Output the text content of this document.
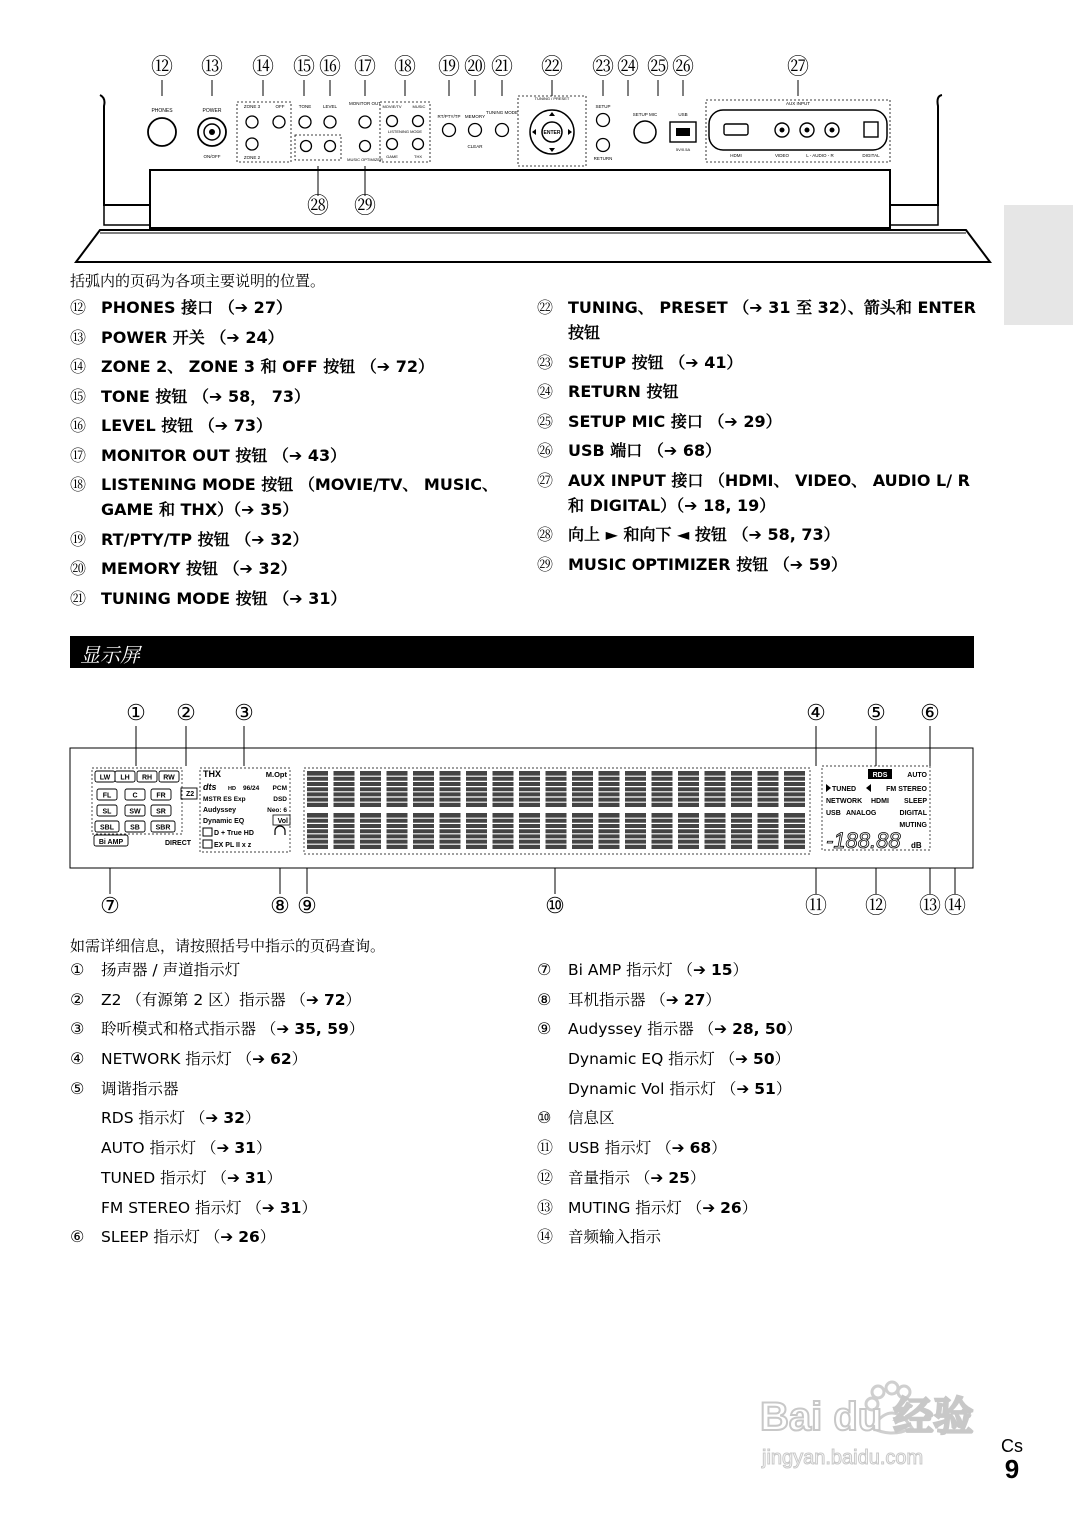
⑫ ⑬ ⑭ ⑮ ⑯ ⑰ ⑱ ⑲ ⑳ ㉑ ㉒ ㉓ ㉔ ㉕ ㉖	㉗
PHONES	POWER
ON/OFF
ZONE 3	OFF
ZONE 2
TONE	LEVEL
MONITOR OUT
MUSIC OPTIMIZER
MOVIE/TV	MUSIC
LISTENING MODE
GAME	THX
RT/PTY/TP MEMORY
TUNING MODE
CLEAR
TUNING / PRESET
ENTER
SETUP
RETURN
SETUP MIC	USB
5V/0.5A
AUX INPUT
HDMI	VIDEO	L - AUDIO - R	DIGITAL
㉘ ㉙
括弧内的页码为各项主要说明的位置。
⑫ PHONES 接口 （➔ 27）
⑬ POWER 开关 （➔ 24）
⑭ ZONE 2、 ZONE 3 和 OFF 按钮 （➔ 72）
⑮ TONE 按钮 （➔ 58， 73）
⑯ LEVEL 按钮 （➔ 73）
⑰ MONITOR OUT 按钮 （➔ 43）
⑱ LISTENING MODE 按钮 （MOVIE/TV、 MUSIC、 GAME 和 THX）（➔ 35）
⑲ RT/PTY/TP 按钮 （➔ 32）
⑳ MEMORY 按钮 （➔ 32）
㉑ TUNING MODE 按钮 （➔ 31）
㉒ TUNING、 PRESET （➔ 31 至 32）、箭头和 ENTER 按钮
㉓ SETUP 按钮 （➔ 41）
㉔ RETURN 按钮
㉕ SETUP MIC 接口 （➔ 29）
㉖ USB 端口 （➔ 68）
㉗ AUX INPUT 接口 （HDMI、 VIDEO、 AUDIO L/ R 和 DIGITAL）（➔ 18, 19）
㉘ 向上 ► 和向下 ◄ 按钮 （➔ 58, 73）
㉙ MUSIC OPTIMIZER 按钮 （➔ 59）
显示屏
① ② ③	④ ⑤ ⑥
⑦	⑧ ⑨	⑩	⑪ ⑫ ⑬ ⑭
LW LH RH RW
FL	C	FR
SL	SW SR
SBL SB SBR
Z2
Bi AMP
THX	M.Opt
dts HD 96/24 PCM
MSTR ES Exp	DSD
Audyssey	Neo: 6
Dynamic EQ	Vol
D + True HD
EX PL II x z
DIRECT
RDS	AUTO
TUNED	FM STEREO
NETWORK HDMI SLEEP
USB ANALOG	DIGITAL
MUTING
-188.88 dB
如需详细信息，请按照括号中指示的页码查询。
① 扬声器 / 声道指示灯
② Z2 （有源第 2 区）指示器 （➔ 72）
③ 聆听模式和格式指示器 （➔ 35, 59）
④ NETWORK 指示灯 （➔ 62）
⑤ 调谐指示器
RDS 指示灯 （➔ 32）
AUTO 指示灯 （➔ 31）
TUNED 指示灯 （➔ 31）
FM STEREO 指示灯 （➔ 31）
⑥ SLEEP 指示灯 （➔ 26）
⑦ Bi AMP 指示灯 （➔ 15）
⑧ 耳机指示器 （➔ 27）
⑨ Audyssey 指示器 （➔ 28, 50）
Dynamic EQ 指示灯 （➔ 50）
Dynamic Vol 指示灯 （➔ 51）
⑩ 信息区
⑪ USB 指示灯 （➔ 68）
⑫ 音量指示 （➔ 25）
⑬ MUTING 指示灯 （➔ 26）
⑭ 音频输入指示
Bai du 经验
jingyan.baidu.com
Cs
9
